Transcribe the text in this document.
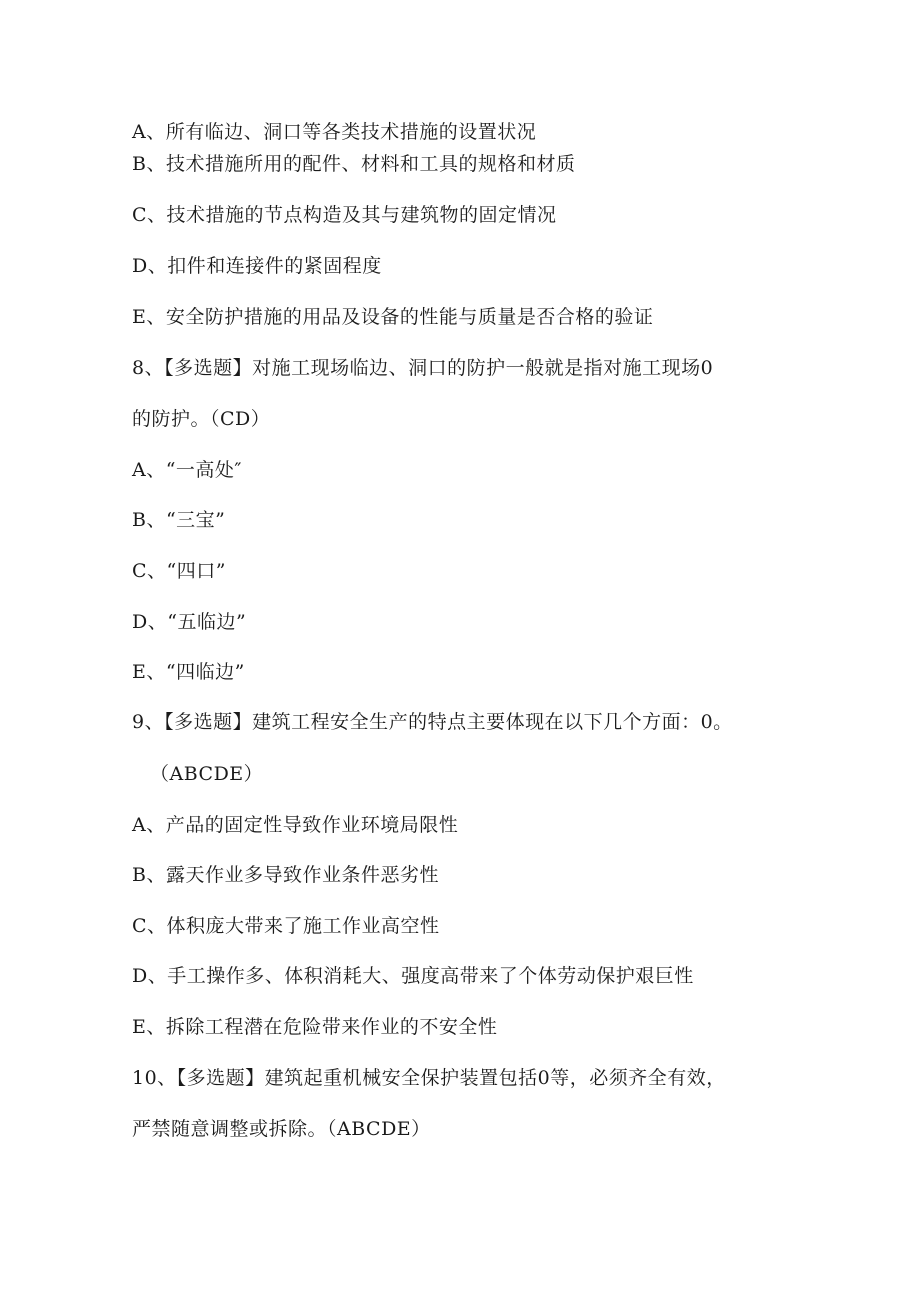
A、所有临边、洞口等各类技术措施的设置状况
B、技术措施所用的配件、材料和工具的规格和材质
C、技术措施的节点构造及其与建筑物的固定情况
D、扣件和连接件的紧固程度
E、安全防护措施的用品及设备的性能与质量是否合格的验证
8、【多选题】对施工现场临边、洞口的防护一般就是指对施工现场0
的防护。（CD）
A、“一高处″
B、“三宝”
C、“四口”
D、“五临边”
E、“四临边”
9、【多选题】建筑工程安全生产的特点主要体现在以下几个方面：0。
（ABCDE）
A、产品的固定性导致作业环境局限性
B、露天作业多导致作业条件恶劣性
C、体积庞大带来了施工作业高空性
D、手工操作多、体积消耗大、强度高带来了个体劳动保护艰巨性
E、拆除工程潜在危险带来作业的不安全性
10、【多选题】建筑起重机械安全保护装置包括0等，必须齐全有效，
严禁随意调整或拆除。（ABCDE）
